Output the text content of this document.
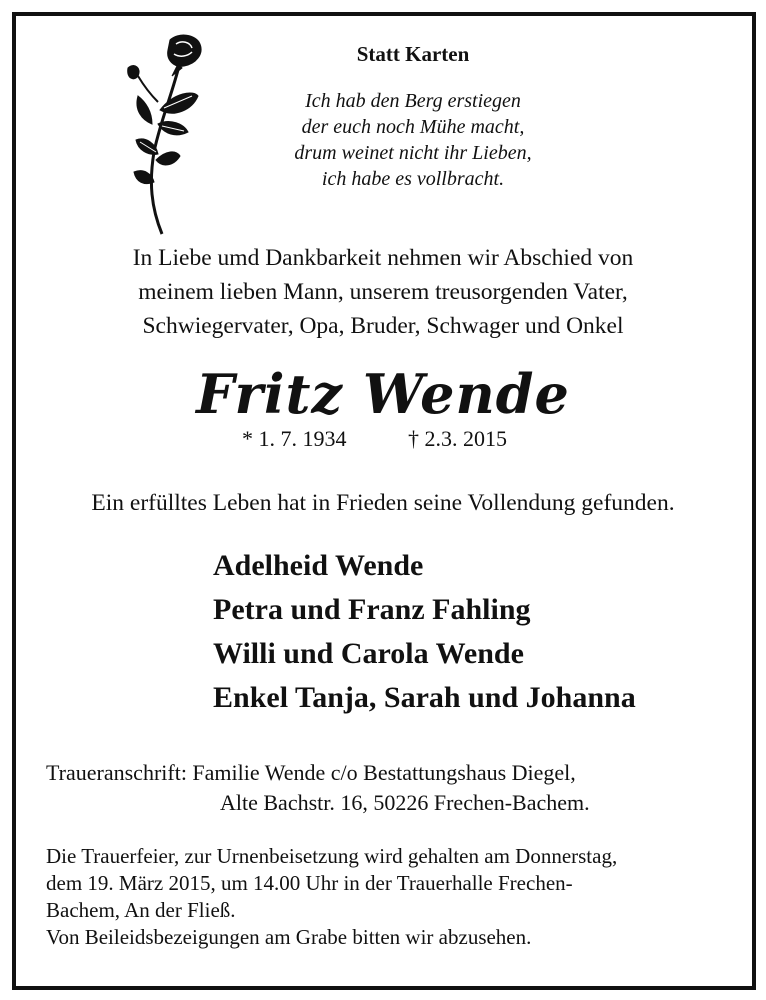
Statt Karten
Ich hab den Berg erstiegen
der euch noch Mühe macht,
drum weinet nicht ihr Lieben,
ich habe es vollbracht.
In Liebe umd Dankbarkeit nehmen wir Abschied von
meinem lieben Mann, unserem treusorgenden Vater,
Schwiegervater, Opa, Bruder, Schwager und Onkel
Fritz Wende
* 1. 7. 1934	† 2.3. 2015
Ein erfülltes Leben hat in Frieden seine Vollendung gefunden.
Adelheid Wende
Petra und Franz Fahling
Willi und Carola Wende
Enkel Tanja, Sarah und Johanna
Traueranschrift: Familie Wende c/o Bestattungshaus Diegel,
Alte Bachstr. 16, 50226 Frechen-Bachem.
Die Trauerfeier, zur Urnenbeisetzung wird gehalten am Donnerstag,
dem 19. März 2015, um 14.00 Uhr in der Trauerhalle Frechen-
Bachem, An der Fließ.
Von Beileidsbezeigungen am Grabe bitten wir abzusehen.
